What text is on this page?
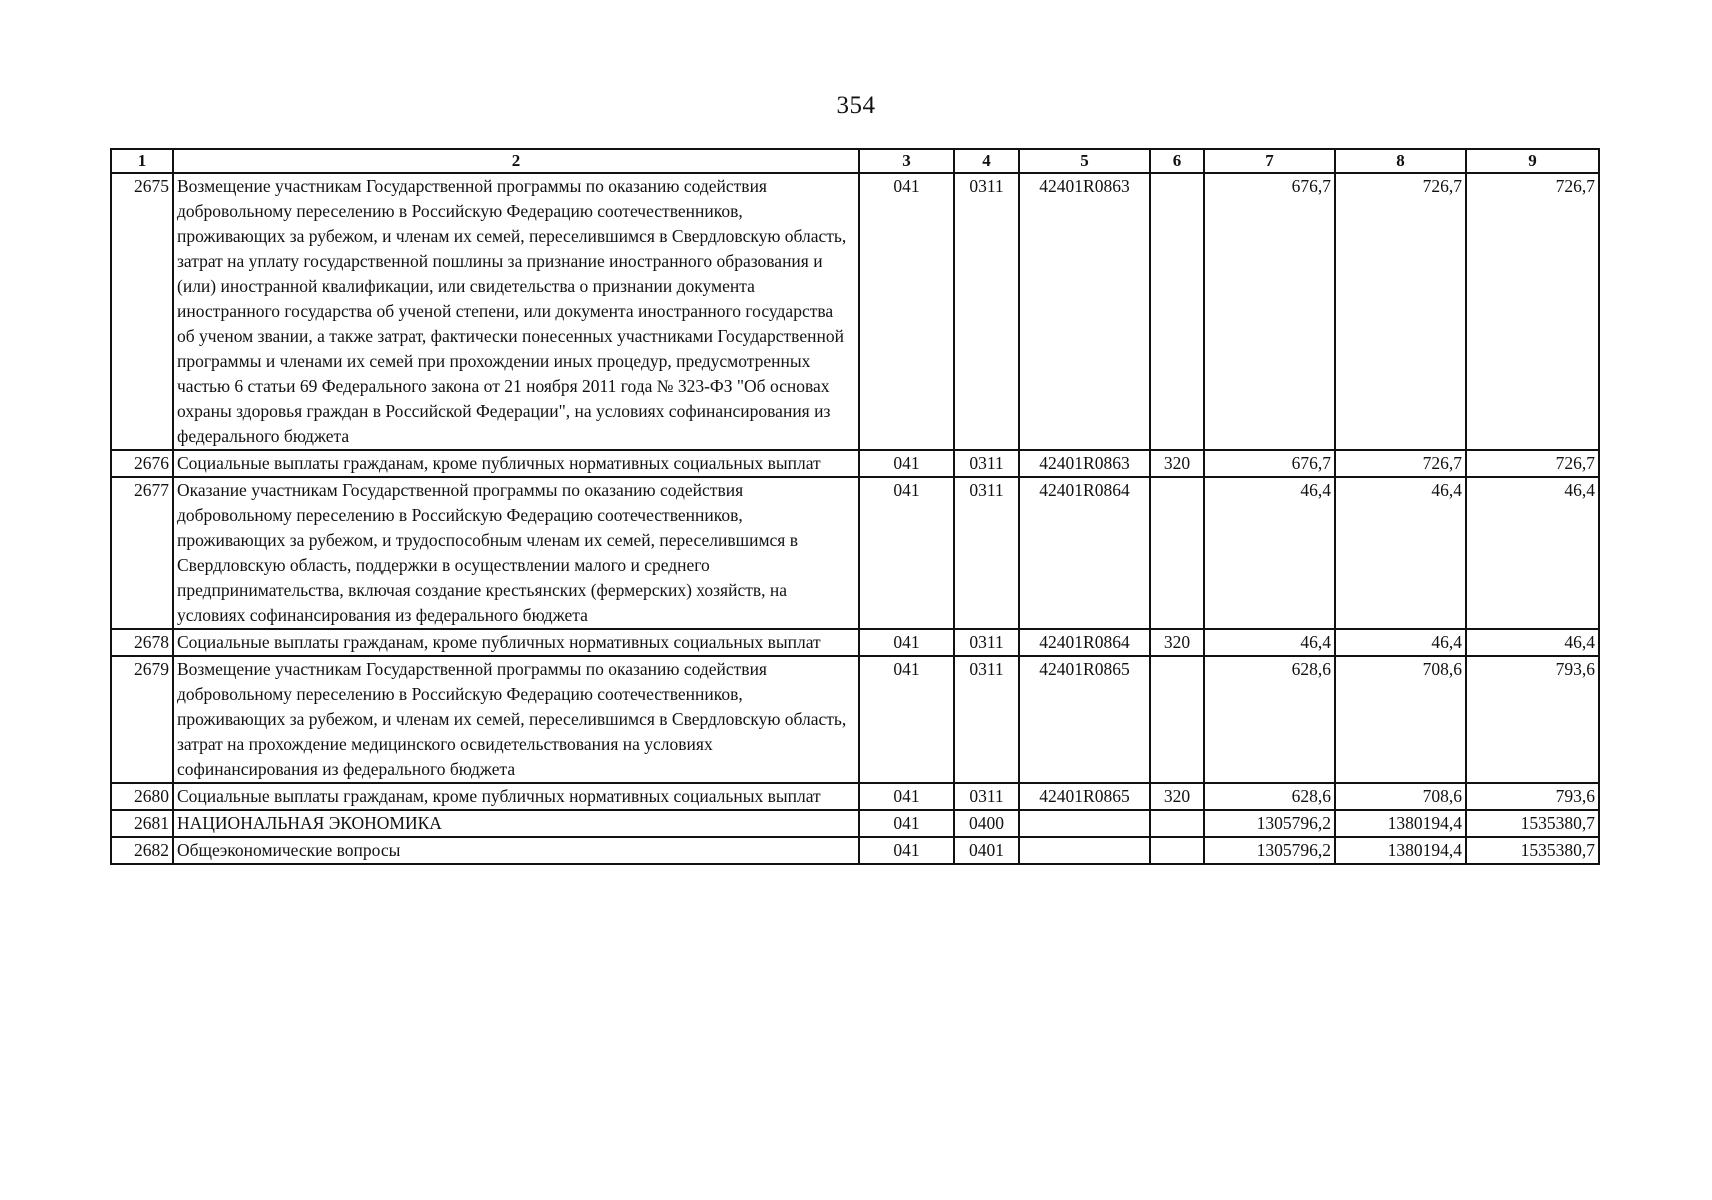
354
1	2	3	4	5	6	7	8	9
2675	Возмещение участникам Государственной программы по оказанию содействия добровольному переселению в Российскую Федерацию соотечественников, проживающих за рубежом, и членам их семей, переселившимся в Свердловскую область, затрат на уплату государственной пошлины за признание иностранного образования и (или) иностранной квалификации, или свидетельства о признании документа иностранного государства об ученой степени, или документа иностранного государства об ученом звании, а также затрат, фактически понесенных участниками Государственной программы и членами их семей при прохождении иных процедур, предусмотренных частью 6 статьи 69 Федерального закона от 21 ноября 2011 года № 323-ФЗ "Об основах охраны здоровья граждан в Российской Федерации", на условиях софинансирования из федерального бюджета	041	0311	42401R0863		676,7	726,7	726,7
2676	Социальные выплаты гражданам, кроме публичных нормативных социальных выплат	041	0311	42401R0863	320	676,7	726,7	726,7
2677	Оказание участникам Государственной программы по оказанию содействия добровольному переселению в Российскую Федерацию соотечественников, проживающих за рубежом, и трудоспособным членам их семей, переселившимся в Свердловскую область, поддержки в осуществлении малого и среднего предпринимательства, включая создание крестьянских (фермерских) хозяйств, на условиях софинансирования из федерального бюджета	041	0311	42401R0864		46,4	46,4	46,4
2678	Социальные выплаты гражданам, кроме публичных нормативных социальных выплат	041	0311	42401R0864	320	46,4	46,4	46,4
2679	Возмещение участникам Государственной программы по оказанию содействия добровольному переселению в Российскую Федерацию соотечественников, проживающих за рубежом, и членам их семей, переселившимся в Свердловскую область, затрат на прохождение медицинского освидетельствования на условиях софинансирования из федерального бюджета	041	0311	42401R0865		628,6	708,6	793,6
2680	Социальные выплаты гражданам, кроме публичных нормативных социальных выплат	041	0311	42401R0865	320	628,6	708,6	793,6
2681	НАЦИОНАЛЬНАЯ ЭКОНОМИКА	041	0400			1305796,2	1380194,4	1535380,7
2682	Общеэкономические вопросы	041	0401			1305796,2	1380194,4	1535380,7
